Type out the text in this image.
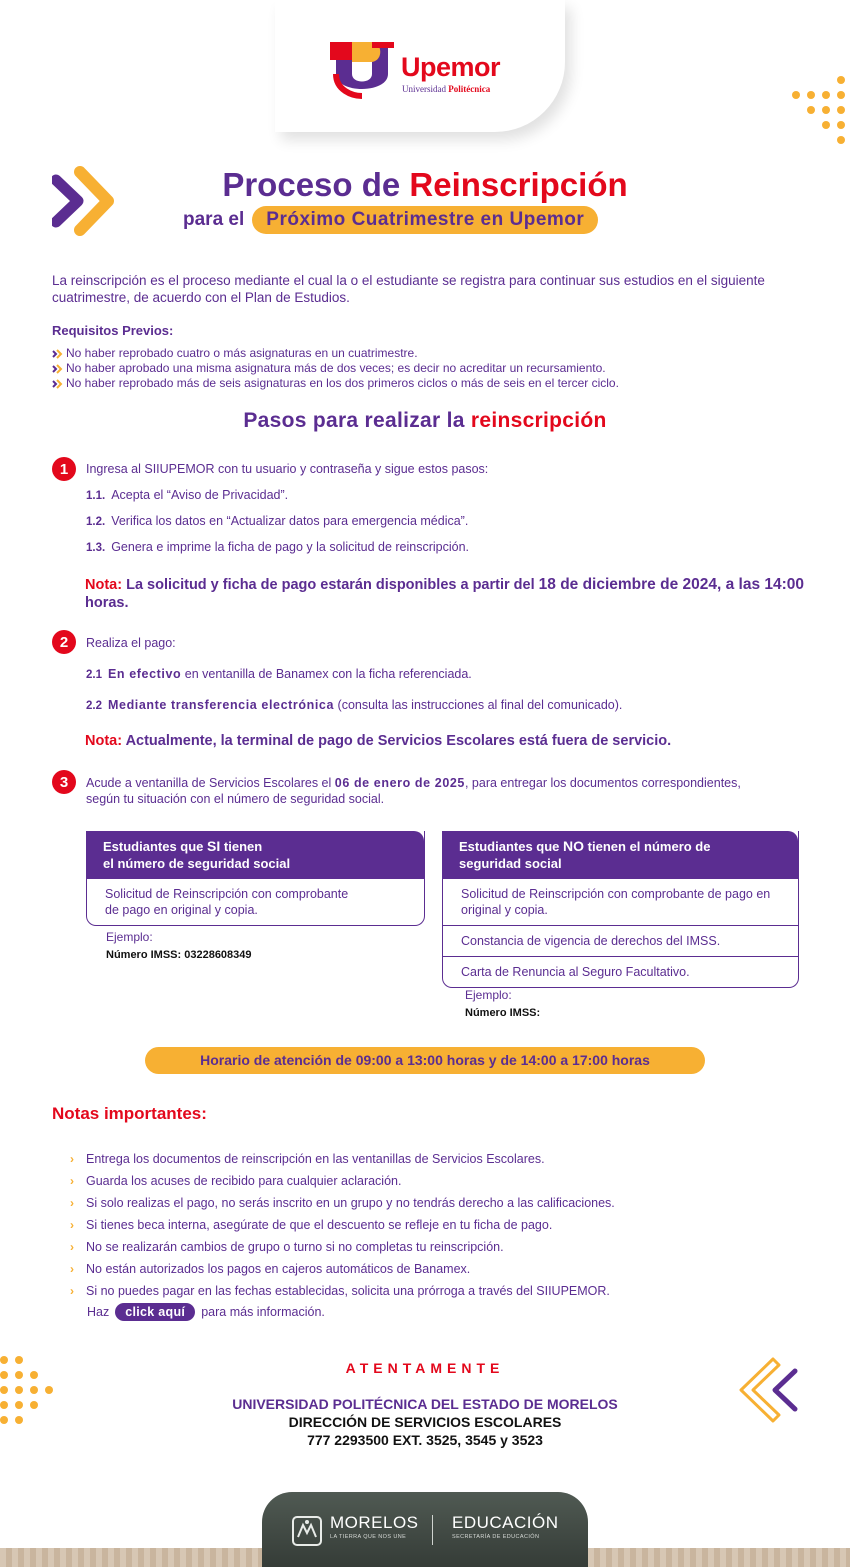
Upemor
Universidad Politécnica
Proceso de Reinscripción
para el	Próximo Cuatrimestre en Upemor
La reinscripción es el proceso mediante el cual la o el estudiante se registra para continuar sus estudios en el siguiente cuatrimestre, de acuerdo con el Plan de Estudios.
Requisitos Previos:
No haber reprobado cuatro o más asignaturas en un cuatrimestre.
No haber aprobado una misma asignatura más de dos veces; es decir no acreditar un recursamiento.
No haber reprobado más de seis asignaturas en los dos primeros ciclos o más de seis en el tercer ciclo.
Pasos para realizar la reinscripción
1	Ingresa al SIIUPEMOR con tu usuario y contraseña y sigue estos pasos:
1.1. Acepta el “Aviso de Privacidad”.
1.2. Verifica los datos en “Actualizar datos para emergencia médica”.
1.3. Genera e imprime la ficha de pago y la solicitud de reinscripción.
Nota: La solicitud y ficha de pago estarán disponibles a partir del 18 de diciembre de 2024, a las 14:00
horas.
2	Realiza el pago:
2.1 En efectivo en ventanilla de Banamex con la ficha referenciada.
2.2 Mediante transferencia electrónica (consulta las instrucciones al final del comunicado).
Nota: Actualmente, la terminal de pago de Servicios Escolares está fuera de servicio.
3	Acude a ventanilla de Servicios Escolares el 06 de enero de 2025, para entregar los documentos correspondientes,
según tu situación con el número de seguridad social.
Estudiantes que SI tienen
el número de seguridad social
Solicitud de Reinscripción con comprobante de pago en original y copia.
Ejemplo:
Número IMSS: 03228608349
Estudiantes que NO tienen el número de
seguridad social
Solicitud de Reinscripción con comprobante de pago en original y copia.
Constancia de vigencia de derechos del IMSS.
Carta de Renuncia al Seguro Facultativo.
Ejemplo:
Número IMSS:
Horario de atención de 09:00 a 13:00 horas y de 14:00 a 17:00 horas
Notas importantes:
› Entrega los documentos de reinscripción en las ventanillas de Servicios Escolares.
› Guarda los acuses de recibido para cualquier aclaración.
› Si solo realizas el pago, no serás inscrito en un grupo y no tendrás derecho a las calificaciones.
› Si tienes beca interna, asegúrate de que el descuento se refleje en tu ficha de pago.
› No se realizarán cambios de grupo o turno si no completas tu reinscripción.
› No están autorizados los pagos en cajeros automáticos de Banamex.
› Si no puedes pagar en las fechas establecidas, solicita una prórroga a través del SIIUPEMOR.
Haz	click aquí	para más información.
ATENTAMENTE
UNIVERSIDAD POLITÉCNICA DEL ESTADO DE MORELOS
DIRECCIÓN DE SERVICIOS ESCOLARES
777 2293500 EXT. 3525, 3545 y 3523
MORELOS
LA TIERRA QUE NOS UNE
EDUCACIÓN
SECRETARÍA DE EDUCACIÓN
